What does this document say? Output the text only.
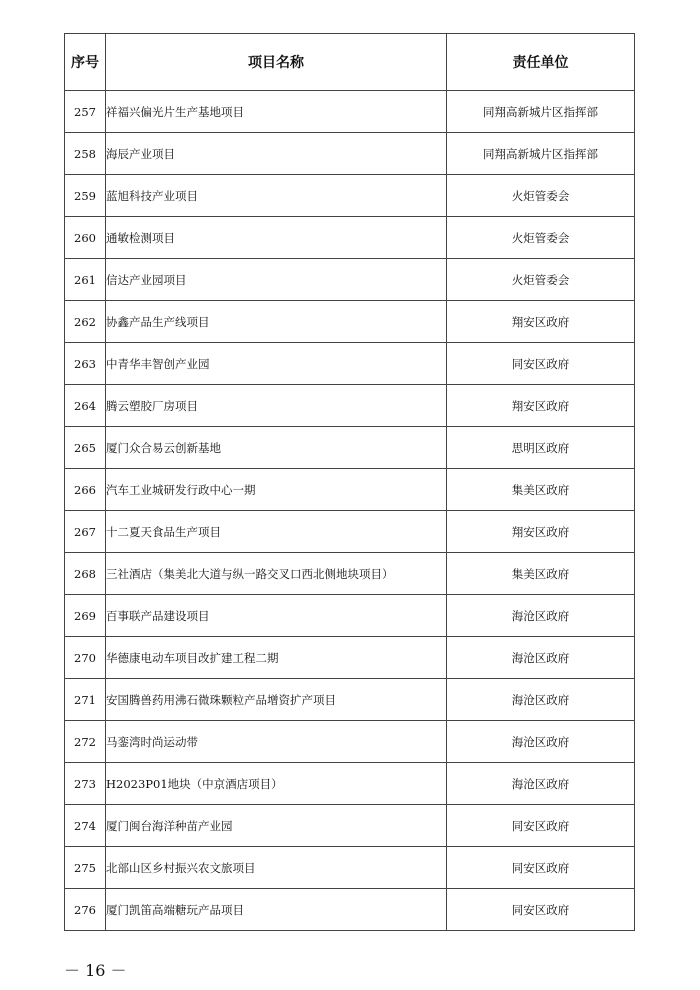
序号	项目名称	责任单位
257	祥福兴偏光片生产基地项目	同翔高新城片区指挥部
258	海辰产业项目	同翔高新城片区指挥部
259	蓝旭科技产业项目	火炬管委会
260	通敏检测项目	火炬管委会
261	信达产业园项目	火炬管委会
262	协鑫产品生产线项目	翔安区政府
263	中青华丰智创产业园	同安区政府
264	腾云塑胶厂房项目	翔安区政府
265	厦门众合易云创新基地	思明区政府
266	汽车工业城研发行政中心一期	集美区政府
267	十二夏天食品生产项目	翔安区政府
268	三社酒店（集美北大道与纵一路交叉口西北侧地块项目）	集美区政府
269	百事联产品建设项目	海沧区政府
270	华德康电动车项目改扩建工程二期	海沧区政府
271	安国腾兽药用沸石微珠颗粒产品增资扩产项目	海沧区政府
272	马銮湾时尚运动带	海沧区政府
273	H2023P01地块（中京酒店项目）	海沧区政府
274	厦门闽台海洋种苗产业园	同安区政府
275	北部山区乡村振兴农文旅项目	同安区政府
276	厦门凯笛高端糖玩产品项目	同安区政府
－ 16 －
